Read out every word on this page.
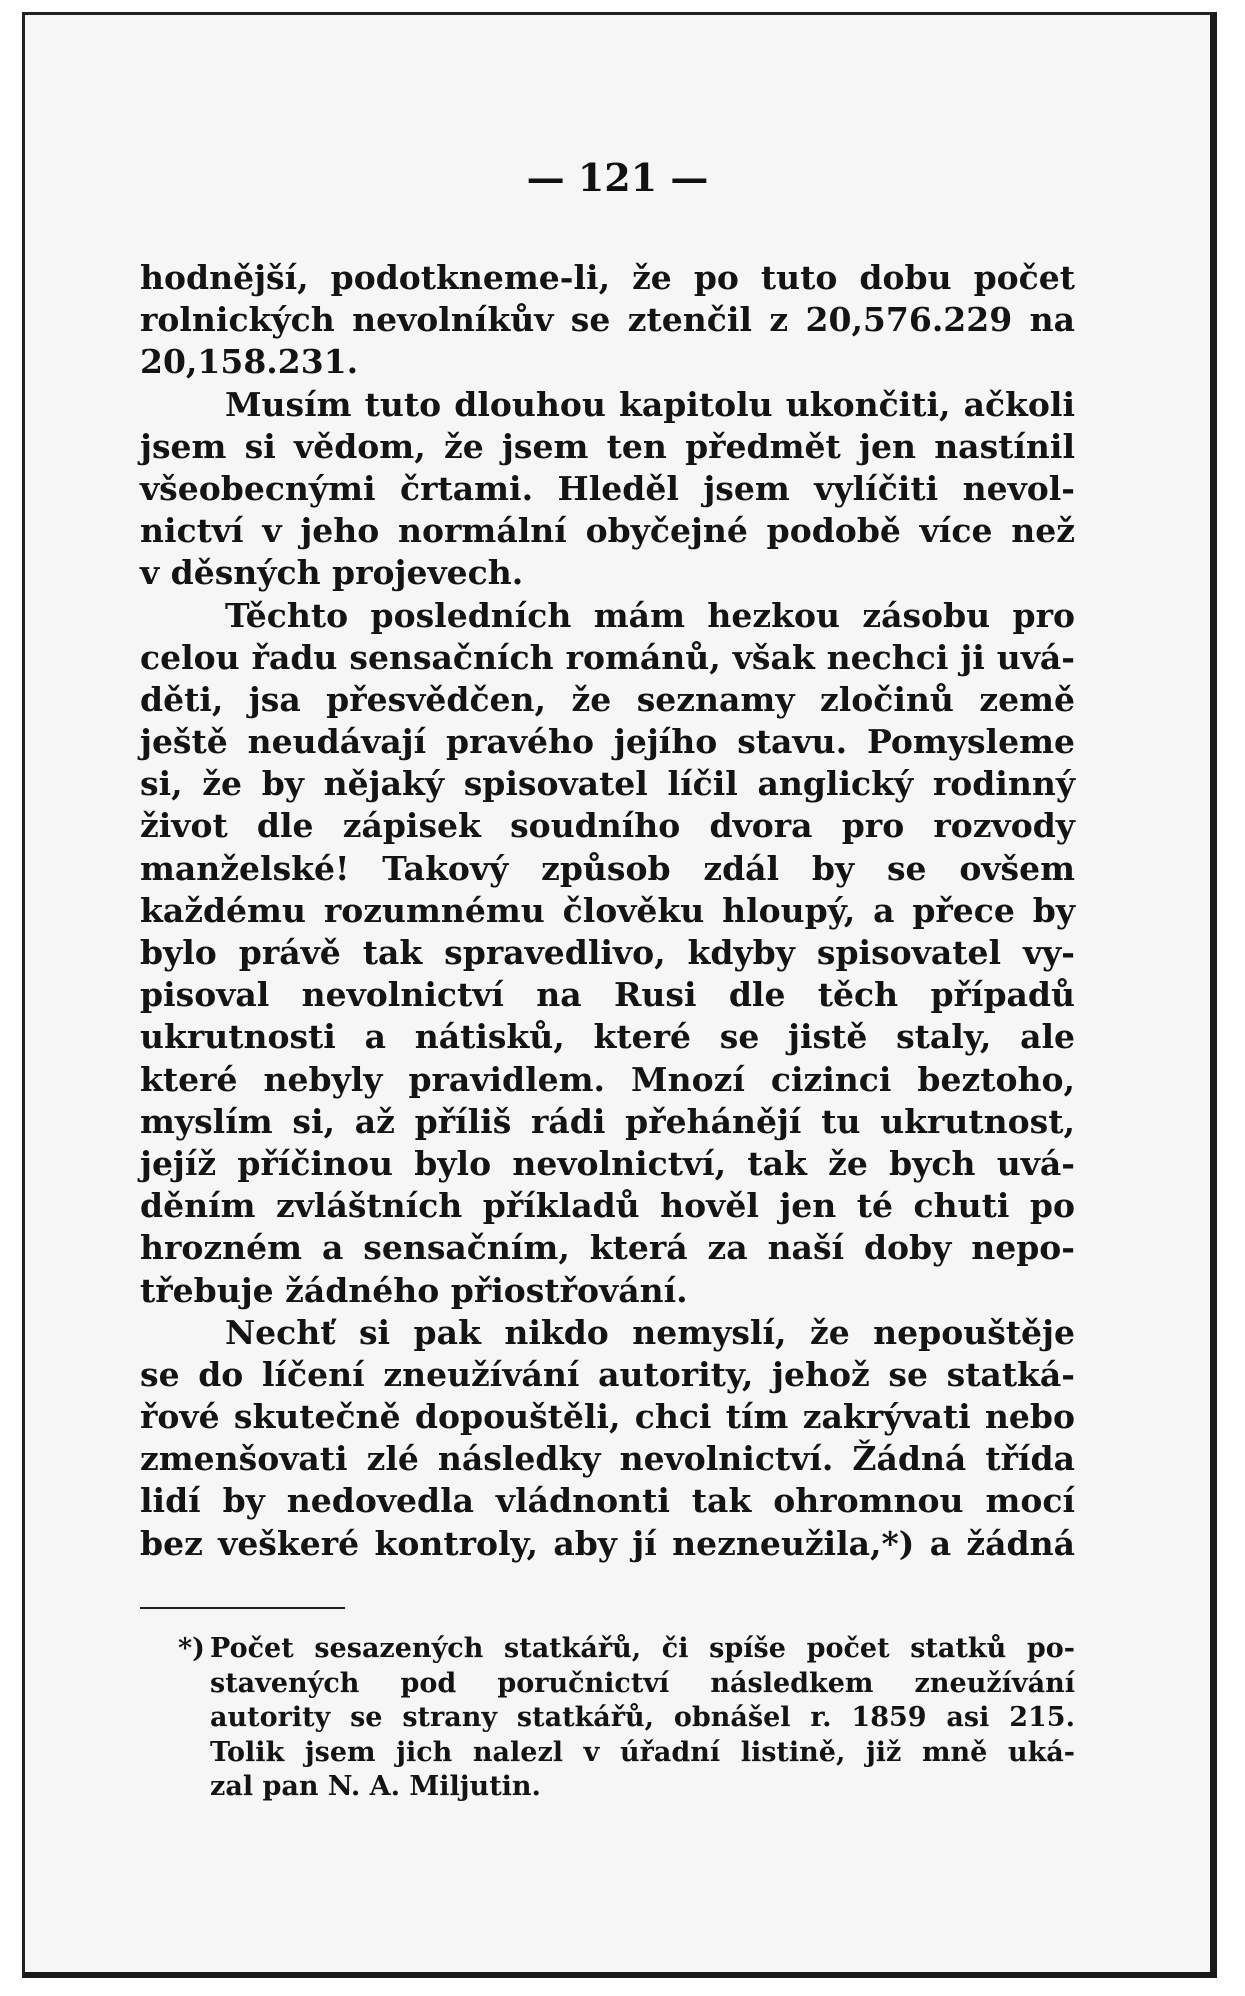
— 121 —
hodnější, podotkneme-li, že po tuto dobu počet
rolnických nevolníkův se ztenčil z 20,576.229 na
20,158.231.
Musím tuto dlouhou kapitolu ukončiti, ačkoli
jsem si vědom, že jsem ten předmět jen nastínil
všeobecnými črtami. Hleděl jsem vylíčiti nevol-
nictví v jeho normální obyčejné podobě více než
v děsných projevech.
Těchto posledních mám hezkou zásobu pro
celou řadu sensačních románů, však nechci ji uvá-
děti, jsa přesvědčen, že seznamy zločinů země
ještě neudávají pravého jejího stavu. Pomysleme
si, že by nějaký spisovatel líčil anglický rodinný
život dle zápisek soudního dvora pro rozvody
manželské! Takový způsob zdál by se ovšem
každému rozumnému člověku hloupý, a přece by
bylo právě tak spravedlivo, kdyby spisovatel vy-
pisoval nevolnictví na Rusi dle těch případů
ukrutnosti a nátisků, které se jistě staly, ale
které nebyly pravidlem. Mnozí cizinci beztoho,
myslím si, až příliš rádi přehánějí tu ukrutnost,
jejíž příčinou bylo nevolnictví, tak že bych uvá-
děním zvláštních příkladů hověl jen té chuti po
hrozném a sensačním, která za naší doby nepo-
třebuje žádného přiostřování.
Nechť si pak nikdo nemyslí, že nepouštěje
se do líčení zneužívání autority, jehož se statká-
řové skutečně dopouštěli, chci tím zakrývati nebo
zmenšovati zlé následky nevolnictví. Žádná třída
lidí by nedovedla vládnonti tak ohromnou mocí
bez veškeré kontroly, aby jí nezneužila,*) a žádná
*) Počet sesazených statkářů, či spíše počet statků po-
stavených pod poručnictví následkem zneužívání
autority se strany statkářů, obnášel r. 1859 asi 215.
Tolik jsem jich nalezl v úřadní listině, již mně uká-
zal pan N. A. Miljutin.
